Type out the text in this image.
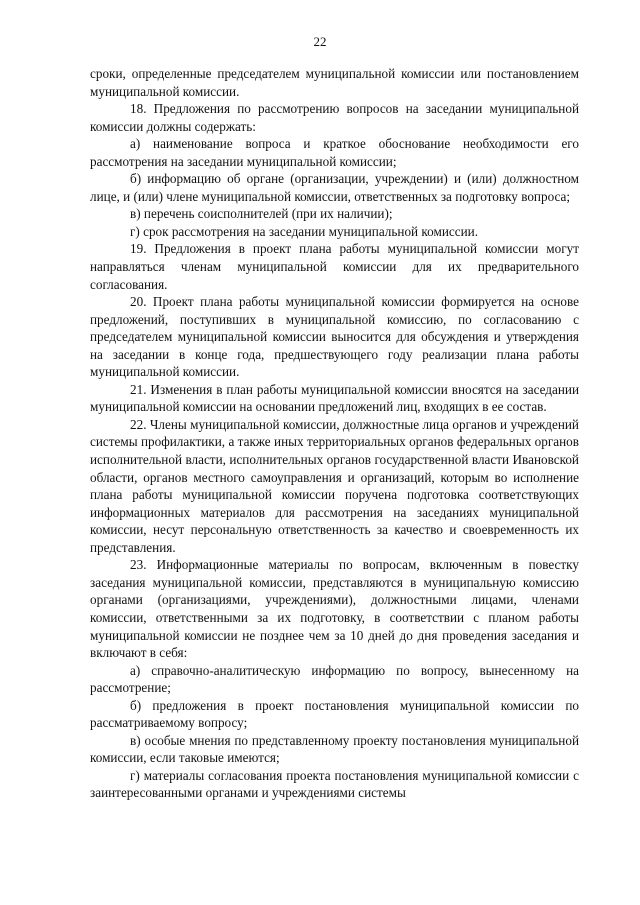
22

сроки, определенные председателем муниципальной комиссии или постановлением муниципальной комиссии.

18. Предложения по рассмотрению вопросов на заседании муниципальной комиссии должны содержать:

а) наименование вопроса и краткое обоснование необходимости его рассмотрения на заседании муниципальной комиссии;

б) информацию об органе (организации, учреждении) и (или) должностном лице, и (или) члене муниципальной комиссии, ответственных за подготовку вопроса;

в) перечень соисполнителей (при их наличии);

г) срок рассмотрения на заседании муниципальной комиссии.

19. Предложения в проект плана работы муниципальной комиссии могут направляться членам муниципальной комиссии для их предварительного согласования.

20. Проект плана работы муниципальной комиссии формируется на основе предложений, поступивших в муниципальной комиссию, по согласованию с председателем муниципальной комиссии выносится для обсуждения и утверждения на заседании в конце года, предшествующего году реализации плана работы муниципальной комиссии.

21. Изменения в план работы муниципальной комиссии вносятся на заседании муниципальной комиссии на основании предложений лиц, входящих в ее состав.

22. Члены муниципальной комиссии, должностные лица органов и учреждений системы профилактики, а также иных территориальных органов федеральных органов исполнительной власти, исполнительных органов государственной власти Ивановской области, органов местного самоуправления и организаций, которым во исполнение плана работы муниципальной комиссии поручена подготовка соответствующих информационных материалов для рассмотрения на заседаниях муниципальной комиссии, несут персональную ответственность за качество и своевременность их представления.

23. Информационные материалы по вопросам, включенным в повестку заседания муниципальной комиссии, представляются в муниципальную комиссию органами (организациями, учреждениями), должностными лицами, членами комиссии, ответственными за их подготовку, в соответствии с планом работы муниципальной комиссии не позднее чем за 10 дней до дня проведения заседания и включают в себя:

а) справочно-аналитическую информацию по вопросу, вынесенному на рассмотрение;

б) предложения в проект постановления муниципальной комиссии по рассматриваемому вопросу;

в) особые мнения по представленному проекту постановления муниципальной комиссии, если таковые имеются;

г) материалы согласования проекта постановления муниципальной комиссии с заинтересованными органами и учреждениями системы
